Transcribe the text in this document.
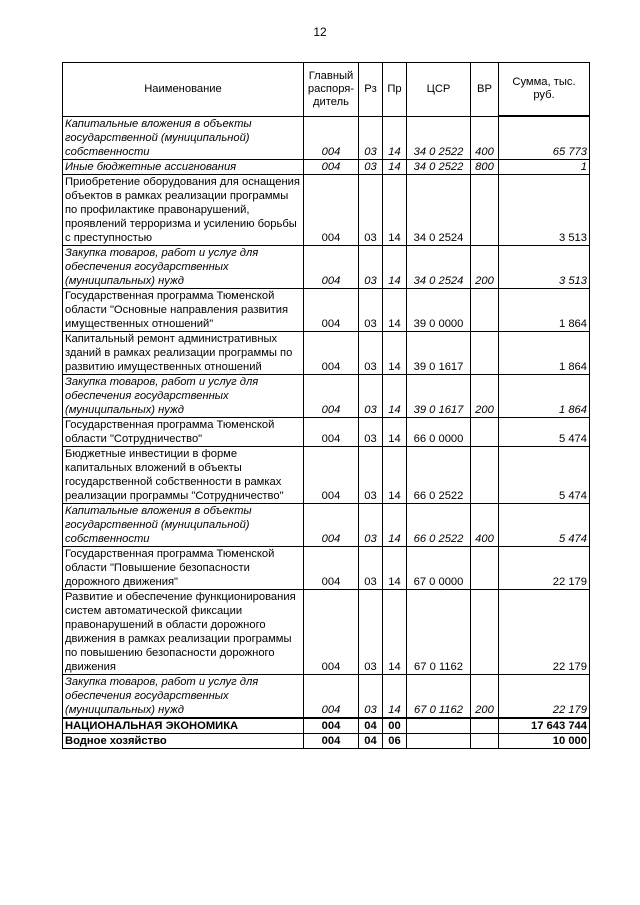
12
Наименование	Главный распоря-дитель	Рз	Пр	ЦСР	ВР	Сумма, тыс. руб.
Капитальные вложения в объекты государственной (муниципальной) собственности	004	03	14	34 0 2522	400	65 773
Иные бюджетные ассигнования	004	03	14	34 0 2522	800	1
Приобретение оборудования для оснащения объектов в рамках реализации программы по профилактике правонарушений, проявлений терроризма и усилению борьбы с преступностью	004	03	14	34 0 2524		3 513
Закупка товаров, работ и услуг для обеспечения государственных (муниципальных) нужд	004	03	14	34 0 2524	200	3 513
Государственная программа Тюменской области "Основные направления развития имущественных отношений"	004	03	14	39 0 0000		1 864
Капитальный ремонт административных зданий в рамках реализации программы по развитию имущественных отношений	004	03	14	39 0 1617		1 864
Закупка товаров, работ и услуг для обеспечения государственных (муниципальных) нужд	004	03	14	39 0 1617	200	1 864
Государственная программа Тюменской области "Сотрудничество"	004	03	14	66 0 0000		5 474
Бюджетные инвестиции в форме капитальных вложений в объекты государственной собственности в рамках реализации программы "Сотрудничество"	004	03	14	66 0 2522		5 474
Капитальные вложения в объекты государственной (муниципальной) собственности	004	03	14	66 0 2522	400	5 474
Государственная программа Тюменской области "Повышение безопасности дорожного движения"	004	03	14	67 0 0000		22 179
Развитие и обеспечение функционирования систем автоматической фиксации правонарушений в области дорожного движения в рамках реализации программы по повышению безопасности дорожного движения	004	03	14	67 0 1162		22 179
Закупка товаров, работ и услуг для обеспечения государственных (муниципальных) нужд	004	03	14	67 0 1162	200	22 179
НАЦИОНАЛЬНАЯ ЭКОНОМИКА	004	04	00			17 643 744
Водное хозяйство	004	04	06			10 000
